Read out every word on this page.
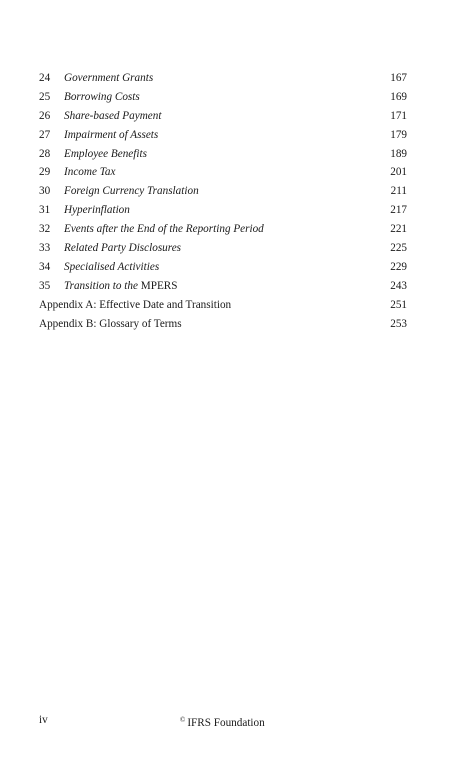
24 Government Grants	167
25 Borrowing Costs	169
26 Share-based Payment	171
27 Impairment of Assets	179
28 Employee Benefits	189
29 Income Tax	201
30 Foreign Currency Translation	211
31 Hyperinflation	217
32 Events after the End of the Reporting Period	221
33 Related Party Disclosures	225
34 Specialised Activities	229
35 Transition to the MPERS	243
Appendix A: Effective Date and Transition	251
Appendix B: Glossary of Terms	253
iv	© IFRS Foundation
